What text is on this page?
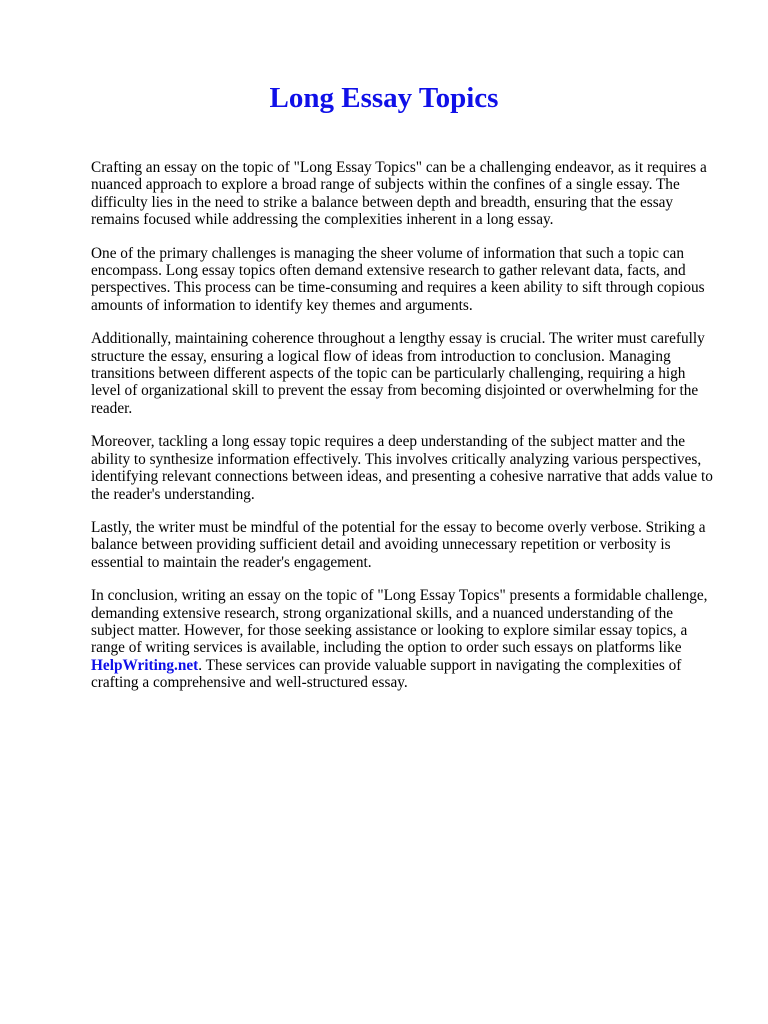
Long Essay Topics

Crafting an essay on the topic of "Long Essay Topics" can be a challenging endeavor, as it requires a nuanced approach to explore a broad range of subjects within the confines of a single essay. The difficulty lies in the need to strike a balance between depth and breadth, ensuring that the essay remains focused while addressing the complexities inherent in a long essay.

One of the primary challenges is managing the sheer volume of information that such a topic can encompass. Long essay topics often demand extensive research to gather relevant data, facts, and perspectives. This process can be time-consuming and requires a keen ability to sift through copious amounts of information to identify key themes and arguments.

Additionally, maintaining coherence throughout a lengthy essay is crucial. The writer must carefully structure the essay, ensuring a logical flow of ideas from introduction to conclusion. Managing transitions between different aspects of the topic can be particularly challenging, requiring a high level of organizational skill to prevent the essay from becoming disjointed or overwhelming for the reader.

Moreover, tackling a long essay topic requires a deep understanding of the subject matter and the ability to synthesize information effectively. This involves critically analyzing various perspectives, identifying relevant connections between ideas, and presenting a cohesive narrative that adds value to the reader's understanding.

Lastly, the writer must be mindful of the potential for the essay to become overly verbose. Striking a balance between providing sufficient detail and avoiding unnecessary repetition or verbosity is essential to maintain the reader's engagement.

In conclusion, writing an essay on the topic of "Long Essay Topics" presents a formidable challenge, demanding extensive research, strong organizational skills, and a nuanced understanding of the subject matter. However, for those seeking assistance or looking to explore similar essay topics, a range of writing services is available, including the option to order such essays on platforms like HelpWriting.net. These services can provide valuable support in navigating the complexities of crafting a comprehensive and well-structured essay.
